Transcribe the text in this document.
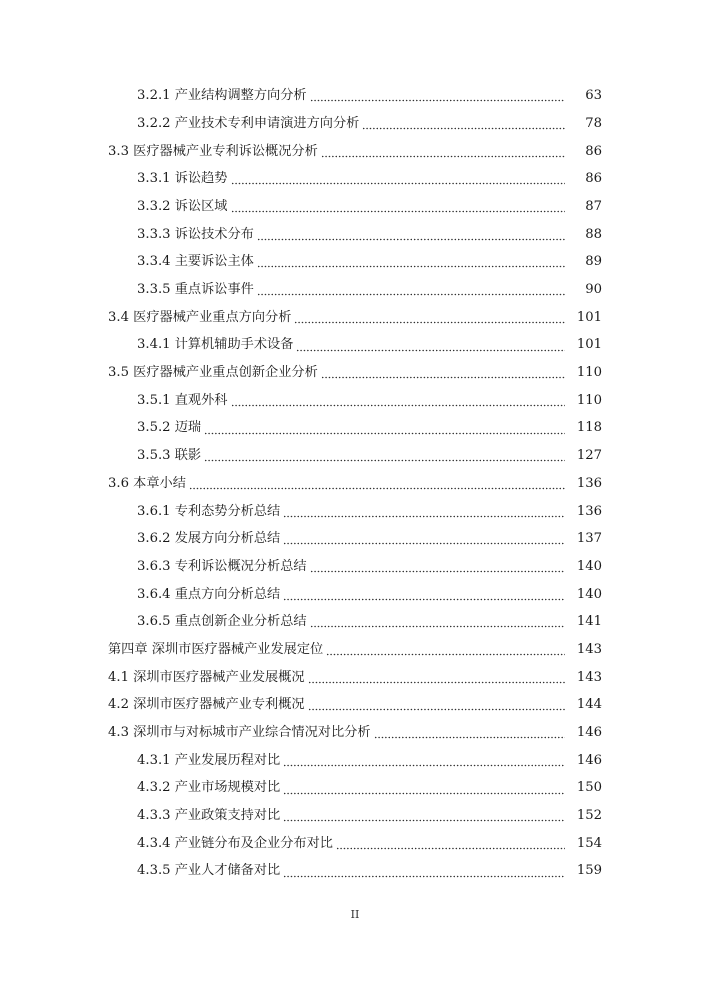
3.2.1 产业结构调整方向分析	63
3.2.2 产业技术专利申请演进方向分析	78
3.3 医疗器械产业专利诉讼概况分析	86
3.3.1 诉讼趋势	86
3.3.2 诉讼区域	87
3.3.3 诉讼技术分布	88
3.3.4 主要诉讼主体	89
3.3.5 重点诉讼事件	90
3.4 医疗器械产业重点方向分析	101
3.4.1 计算机辅助手术设备	101
3.5 医疗器械产业重点创新企业分析	110
3.5.1 直观外科	110
3.5.2 迈瑞	118
3.5.3 联影	127
3.6 本章小结	136
3.6.1 专利态势分析总结	136
3.6.2 发展方向分析总结	137
3.6.3 专利诉讼概况分析总结	140
3.6.4 重点方向分析总结	140
3.6.5 重点创新企业分析总结	141
第四章 深圳市医疗器械产业发展定位	143
4.1 深圳市医疗器械产业发展概况	143
4.2 深圳市医疗器械产业专利概况	144
4.3 深圳市与对标城市产业综合情况对比分析	146
4.3.1 产业发展历程对比	146
4.3.2 产业市场规模对比	150
4.3.3 产业政策支持对比	152
4.3.4 产业链分布及企业分布对比	154
4.3.5 产业人才储备对比	159
II
